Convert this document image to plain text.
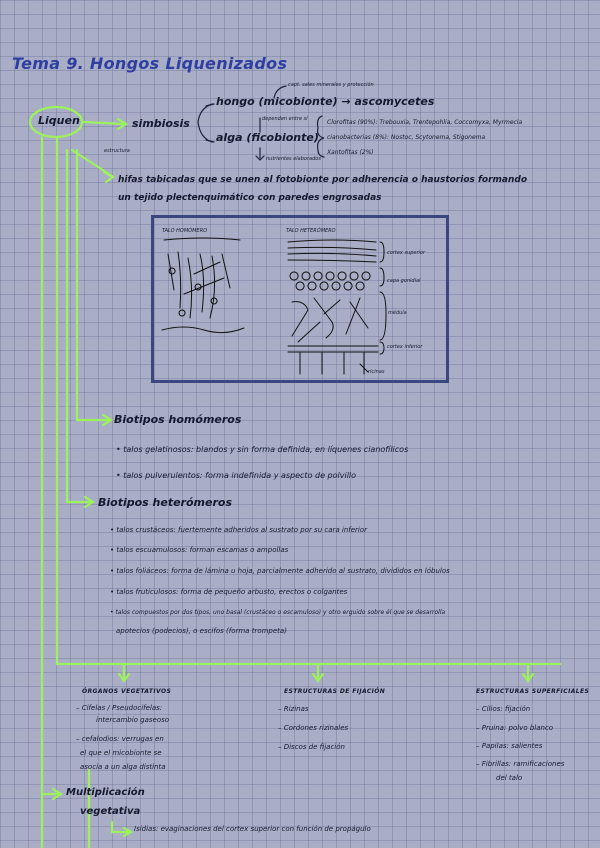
Tema 9. Hongos Liquenizados
Liquen	simbiosis
estructura
capt. sales minerales y protección
hongo (micobionte) → ascomycetes
dependen entre sí
alga (ficobionte)
nutrientes elaborados
Clorofitas (90%): Trebouxia, Trentepohlia, Coccomyxa, Myrmecia
cianobacterias (8%): Nostoc, Scytonema, Stigonema
Xantofitas (2%)
hifas tabicadas que se unen al fotobionte por adherencia o haustorios formando
un tejido plectenquimático con paredes engrosadas
TALO HOMÓMERO	TALO HETERÓMERO
cortex superior
capa gonidial
médula
cortex inferior
ricinas
Biotipos homómeros
• talos gelatinosos: blandos y sin forma definida, en líquenes cianofílicos
• talos pulverulentos: forma indefinida y aspecto de polvillo
Biotipos heterómeros
• talos crustáceos: fuertemente adheridos al sustrato por su cara inferior
• talos escuamulosos: forman escamas o ampollas
• talos foliáceos: forma de lámina u hoja, parcialmente adherido al sustrato, divididos en lóbulos
• talos fruticulosos: forma de pequeño arbusto, erectos o colgantes
• talos compuestos por dos tipos, uno basal (crustáceo o escamuloso) y otro erguido sobre él que se desarrolla
apotecios (podecios), o escifos (forma trompeta)
ÓRGANOS VEGETATIVOS
– Cifelas / Pseudocifelas:
intercambio gaseoso
– cefalodios: verrugas en
el que el micobionte se
asocia a un alga distinta
ESTRUCTURAS DE FIJACIÓN
– Rizinas
– Cordones rizinales
– Discos de fijación
ESTRUCTURAS SUPERFICIALES
– Cilios: fijación
– Pruina: polvo blanco
– Papilas: salientes
– Fibrillas: ramificaciones
del talo
Multiplicación
vegetativa
Isidias: evaginaciones del cortex superior con función de propágulo
